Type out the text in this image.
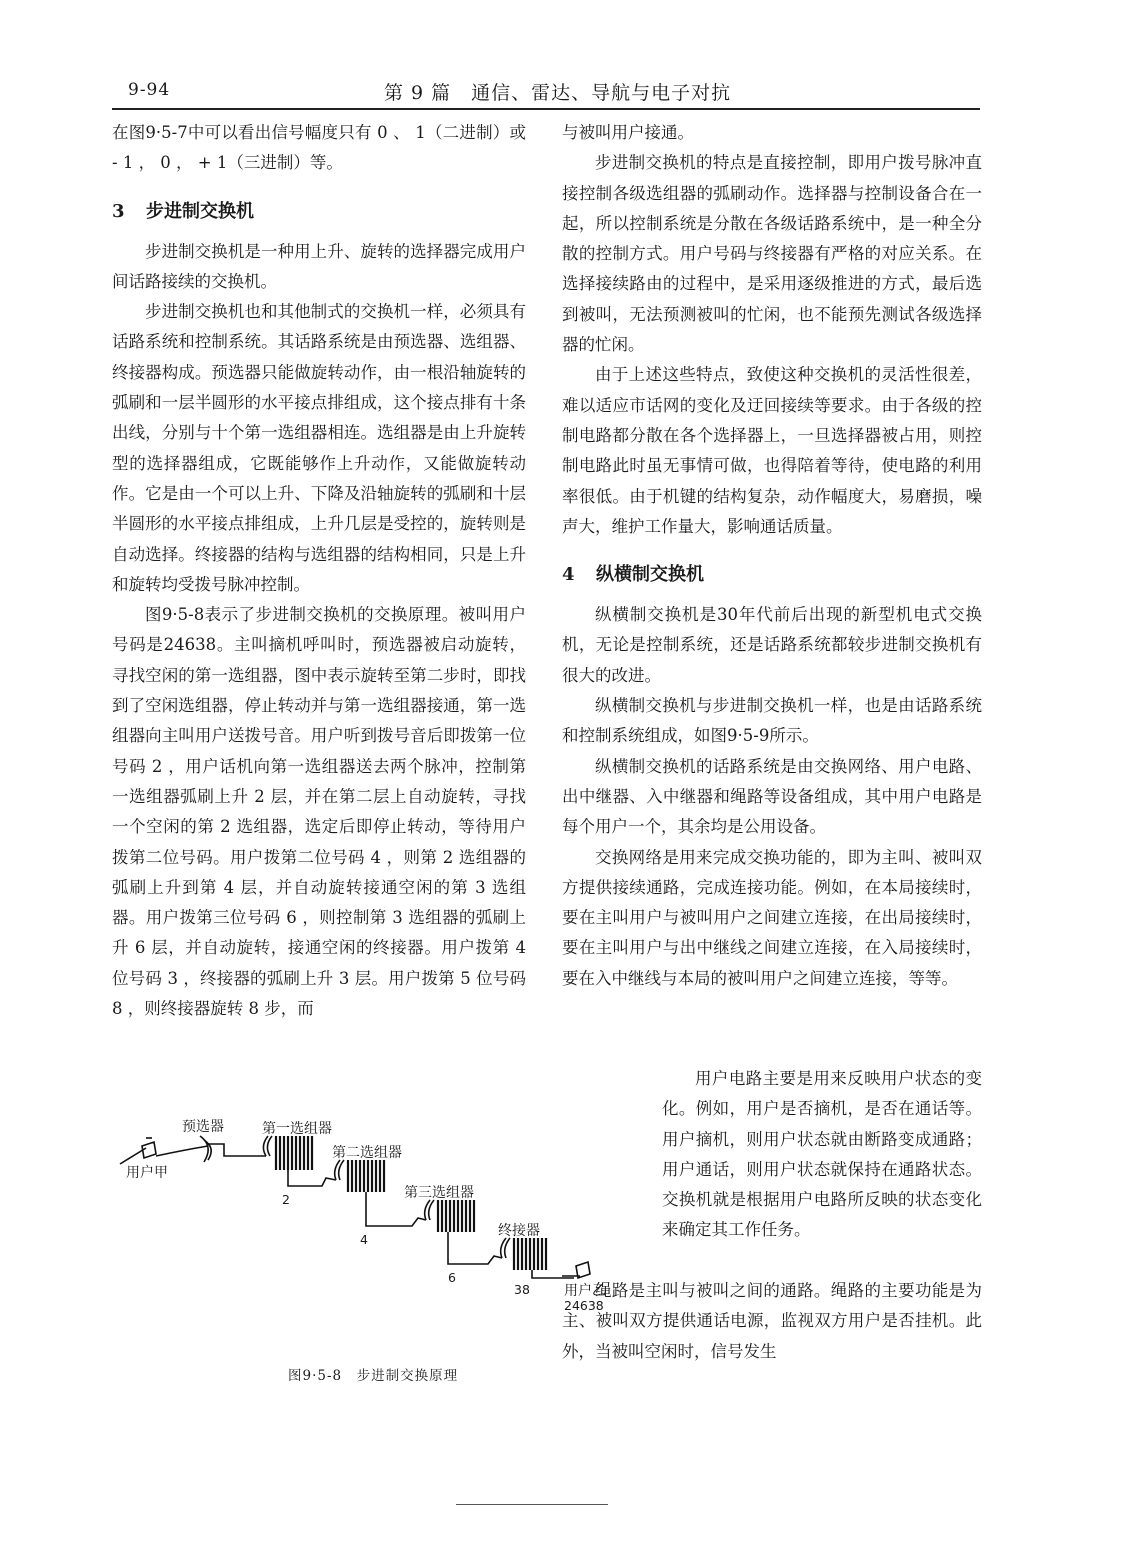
9-94	第 9 篇　通信、雷达、导航与电子对抗

在图9·5-7中可以看出信号幅度只有 0 、 1（二进制）或 - 1 ， 0 ， + 1（三进制）等。

3 步进制交换机

步进制交换机是一种用上升、旋转的选择器完成用户间话路接续的交换机。

步进制交换机也和其他制式的交换机一样，必须具有话路系统和控制系统。其话路系统是由预选器、选组器、终接器构成。预选器只能做旋转动作，由一根沿轴旋转的弧刷和一层半圆形的水平接点排组成，这个接点排有十条出线，分别与十个第一选组器相连。选组器是由上升旋转型的选择器组成，它既能够作上升动作，又能做旋转动作。它是由一个可以上升、下降及沿轴旋转的弧刷和十层半圆形的水平接点排组成，上升几层是受控的，旋转则是自动选择。终接器的结构与选组器的结构相同，只是上升和旋转均受拨号脉冲控制。

图9·5-8表示了步进制交换机的交换原理。被叫用户号码是24638。主叫摘机呼叫时，预选器被启动旋转，寻找空闲的第一选组器，图中表示旋转至第二步时，即找到了空闲选组器，停止转动并与第一选组器接通，第一选组器向主叫用户送拨号音。用户听到拨号音后即拨第一位号码 2 ，用户话机向第一选组器送去两个脉冲，控制第一选组器弧刷上升 2 层，并在第二层上自动旋转，寻找一个空闲的第 2 选组器，选定后即停止转动，等待用户拨第二位号码。用户拨第二位号码 4 ，则第 2 选组器的弧刷上升到第 4 层，并自动旋转接通空闲的第 3 选组器。用户拨第三位号码 6 ，则控制第 3 选组器的弧刷上升 6 层，并自动旋转，接通空闲的终接器。用户拨第 4 位号码 3 ，终接器的弧刷上升 3 层。用户拨第 5 位号码 8 ，则终接器旋转 8 步，而

与被叫用户接通。

步进制交换机的特点是直接控制，即用户拨号脉冲直接控制各级选组器的弧刷动作。选择器与控制设备合在一起，所以控制系统是分散在各级话路系统中，是一种全分散的控制方式。用户号码与终接器有严格的对应关系。在选择接续路由的过程中，是采用逐级推进的方式，最后选到被叫，无法预测被叫的忙闲，也不能预先测试各级选择器的忙闲。

由于上述这些特点，致使这种交换机的灵活性很差，难以适应市话网的变化及迂回接续等要求。由于各级的控制电路都分散在各个选择器上，一旦选择器被占用，则控制电路此时虽无事情可做，也得陪着等待，使电路的利用率很低。由于机键的结构复杂，动作幅度大，易磨损，噪声大，维护工作量大，影响通话质量。

4 纵横制交换机

纵横制交换机是30年代前后出现的新型机电式交换机，无论是控制系统，还是话路系统都较步进制交换机有很大的改进。

纵横制交换机与步进制交换机一样，也是由话路系统和控制系统组成，如图9·5-9所示。

纵横制交换机的话路系统是由交换网络、用户电路、出中继器、入中继器和绳路等设备组成，其中用户电路是每个用户一个，其余均是公用设备。

交换网络是用来完成交换功能的，即为主叫、被叫双方提供接续通路，完成连接功能。例如，在本局接续时，要在主叫用户与被叫用户之间建立连接，在出局接续时，要在主叫用户与出中继线之间建立连接，在入局接续时，要在入中继线与本局的被叫用户之间建立连接，等等。

用户电路主要是用来反映用户状态的变化。例如，用户是否摘机，是否在通话等。用户摘机，则用户状态就由断路变成通路；用户通话，则用户状态就保持在通路状态。交换机就是根据用户电路所反映的状态变化来确定其工作任务。

绳路是主叫与被叫之间的通路。绳路的主要功能是为主、被叫双方提供通话电源，监视双方用户是否挂机。此外，当被叫空闲时，信号发生

预选器	第一选组器
第二选组器
第三选组器
终接器
用户甲
用户乙
24638
2
4
6
38
图9·5-8　步进制交换原理
